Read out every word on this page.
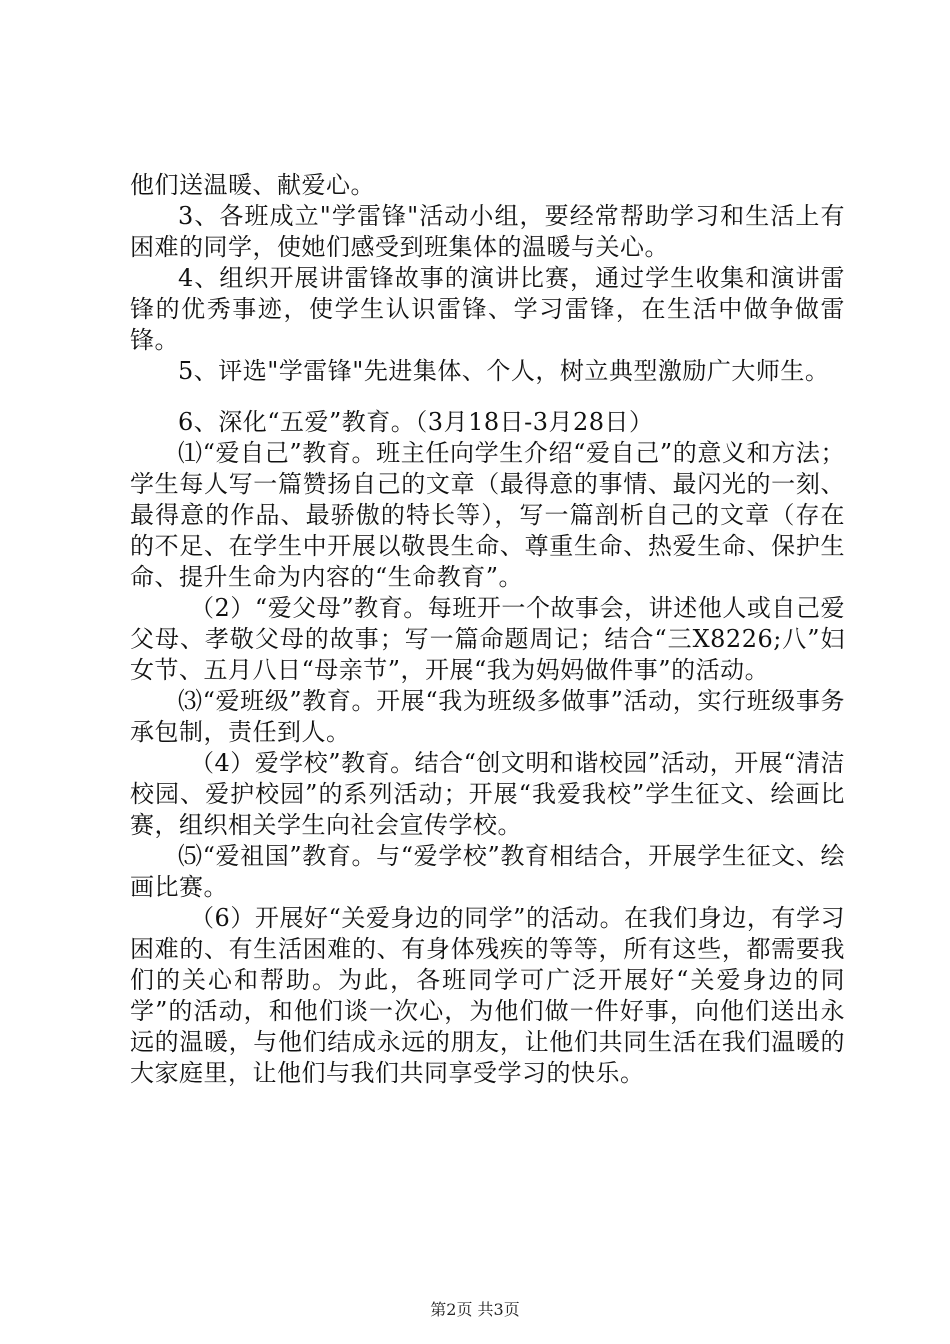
他们送温暖、献爱心。

3、各班成立"学雷锋"活动小组，要经常帮助学习和生活上有困难的同学，使她们感受到班集体的温暖与关心。

4、组织开展讲雷锋故事的演讲比赛，通过学生收集和演讲雷锋的优秀事迹，使学生认识雷锋、学习雷锋，在生活中做争做雷锋。

5、评选"学雷锋"先进集体、个人，树立典型激励广大师生。

6、深化“五爱”教育。（3月18日-3月28日）

⑴“爱自己”教育。班主任向学生介绍“爱自己”的意义和方法；学生每人写一篇赞扬自己的文章（最得意的事情、最闪光的一刻、最得意的作品、最骄傲的特长等），写一篇剖析自己的文章（存在的不足、在学生中开展以敬畏生命、尊重生命、热爱生命、保护生命、提升生命为内容的“生命教育”。

（2）“爱父母”教育。每班开一个故事会，讲述他人或自己爱父母、孝敬父母的故事；写一篇命题周记；结合“三X8226;八”妇女节、五月八日“母亲节”，开展“我为妈妈做件事”的活动。

⑶“爱班级”教育。开展“我为班级多做事”活动，实行班级事务承包制，责任到人。

（4）爱学校”教育。结合“创文明和谐校园”活动，开展“清洁校园、爱护校园”的系列活动；开展“我爱我校”学生征文、绘画比赛，组织相关学生向社会宣传学校。

⑸“爱祖国”教育。与“爱学校”教育相结合，开展学生征文、绘画比赛。

（6）开展好“关爱身边的同学”的活动。在我们身边，有学习困难的、有生活困难的、有身体残疾的等等，所有这些，都需要我们的关心和帮助。为此，各班同学可广泛开展好“关爱身边的同学”的活动，和他们谈一次心，为他们做一件好事，向他们送出永远的温暖，与他们结成永远的朋友，让他们共同生活在我们温暖的大家庭里，让他们与我们共同享受学习的快乐。

第2页 共3页
